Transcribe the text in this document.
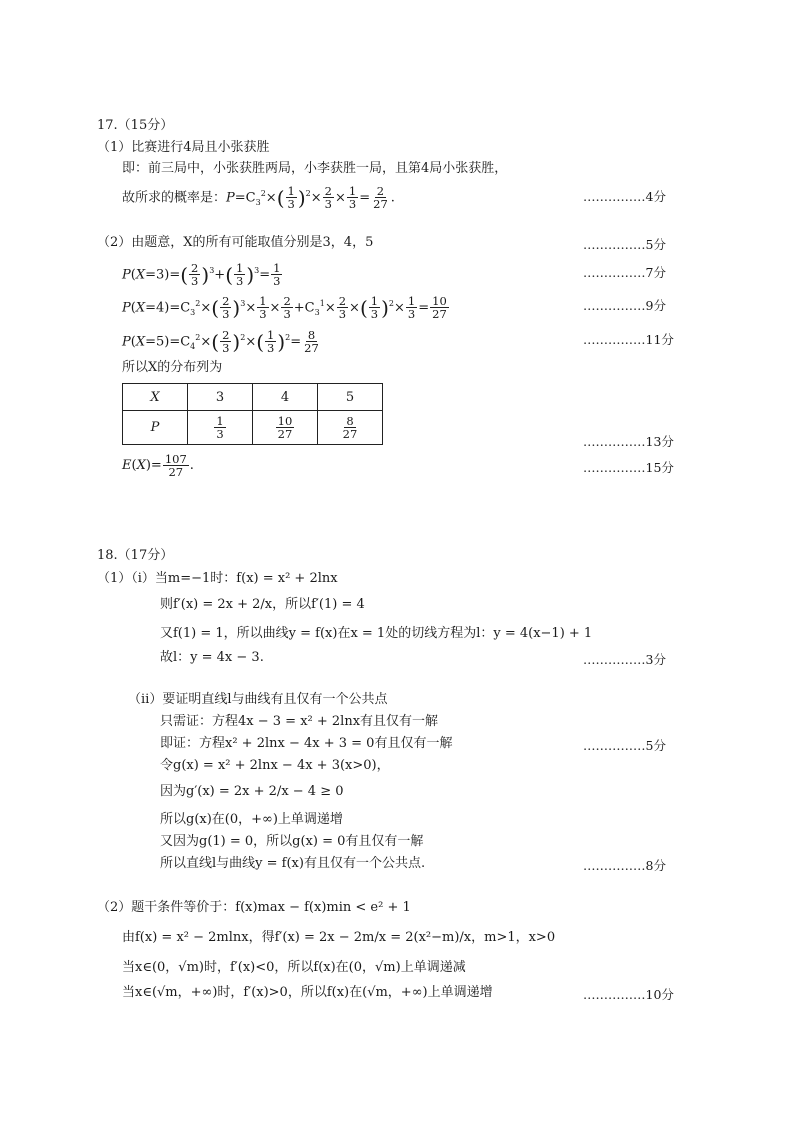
17.（15分）
（1）比赛进行4局且小张获胜
即：前三局中，小张获胜两局，小李获胜一局，且第4局小张获胜，
故所求的概率是：$P=C_3^2\times( \frac{1}{3} )^2\times \frac{2}{3} \times \frac{1}{3} = \frac{2}{27}$ .	……………4分
（2）由题意，X的所有可能取值分别是3，4，5	……………5分
$P(X=3)=( \frac{2}{3} )^3+( \frac{1}{3} )^3= \frac{1}{3}$	……………7分
$P(X=4)=C_3^2\times( \frac{2}{3} )^3\times \frac{1}{3} \times \frac{2}{3} +C_3^1\times \frac{2}{3}$ ×( $\frac{1}{3} )^2\times \frac{1}{3} = \frac{10}{27}$	……………9分
$P(X=5)=C_4^2\times( \frac{2}{3} )^2\times( \frac{1}{3} )^2= \frac{8}{27}$	……………11分
所以X的分布列为
X	3	4	5
P	$\frac{1}{3}$	$\frac{10}{27}$	$\frac{8}{27}$
……………13分
$E(X)= \frac{107}{27}$ .	……………15分
18.（17分）
（1）（ⅰ）当m=−1时：f(x) = x² + 2lnx
则f′(x) = 2x + 2/x，所以f′(1) = 4
又f(1) = 1，所以曲线y = f(x)在x = 1处的切线方程为l：y = 4(x−1) + 1
故l：y = 4x − 3.	……………3分
（ⅱ）要证明直线l与曲线有且仅有一个公共点
只需证：方程4x − 3 = x² + 2lnx有且仅有一解
即证：方程x² + 2lnx − 4x + 3 = 0有且仅有一解	……………5分
令g(x) = x² + 2lnx − 4x + 3(x>0)，
因为g′(x) = 2x + 2/x − 4 ≥ 0
所以g(x)在(0，+∞)上单调递增
又因为g(1) = 0，所以g(x) = 0有且仅有一解
所以直线l与曲线y = f(x)有且仅有一个公共点.	……………8分
（2）题干条件等价于：f(x)max − f(x)min < e² + 1
由f(x) = x² − 2mlnx，得f′(x) = 2x − 2m/x = 2(x²−m)/x，m>1，x>0
当x∈(0，√m)时，f′(x)<0，所以f(x)在(0，√m)上单调递减
当x∈(√m，+∞)时，f′(x)>0，所以f(x)在(√m，+∞)上单调递增	……………10分
